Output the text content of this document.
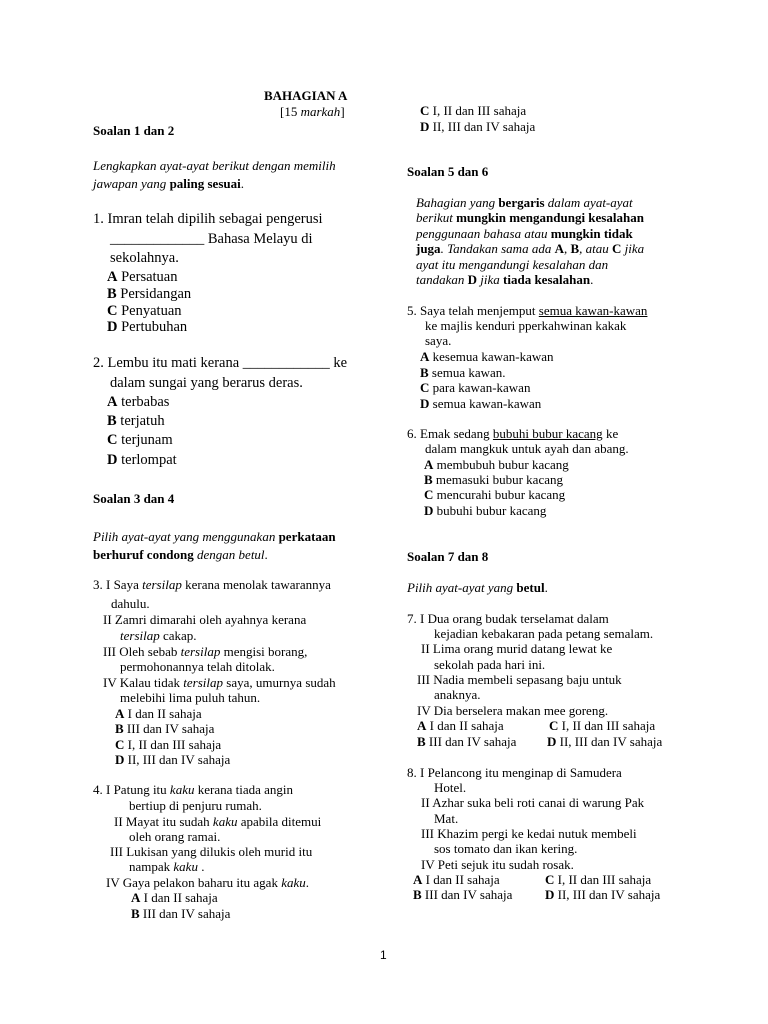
BAHAGIAN A
[15 markah]
Soalan 1 dan 2
Lengkapkan ayat-ayat berikut dengan memilih
jawapan yang paling sesuai.
1. Imran telah dipilih sebagai pengerusi
_____________ Bahasa Melayu di
sekolahnya.
A Persatuan
B Persidangan
C Penyatuan
D Pertubuhan
2. Lembu itu mati kerana ____________ ke
dalam sungai yang berarus deras.
A terbabas
B terjatuh
C terjunam
D terlompat
Soalan 3 dan 4
Pilih ayat-ayat yang menggunakan perkataan
berhuruf condong dengan betul.
3. I Saya tersilap kerana menolak tawarannya
dahulu.
II Zamri dimarahi oleh ayahnya kerana
tersilap cakap.
III Oleh sebab tersilap mengisi borang,
permohonannya telah ditolak.
IV Kalau tidak tersilap saya, umurnya sudah
melebihi lima puluh tahun.
A I dan II sahaja
B III dan IV sahaja
C I, II dan III sahaja
D II, III dan IV sahaja
4. I Patung itu kaku kerana tiada angin
bertiup di penjuru rumah.
II Mayat itu sudah kaku apabila ditemui
oleh orang ramai.
III Lukisan yang dilukis oleh murid itu
nampak kaku .
IV Gaya pelakon baharu itu agak kaku.
A I dan II sahaja
B III dan IV sahaja
C I, II dan III sahaja
D II, III dan IV sahaja
Soalan 5 dan 6
Bahagian yang bergaris dalam ayat-ayat
berikut mungkin mengandungi kesalahan
penggunaan bahasa atau mungkin tidak
juga. Tandakan sama ada A, B, atau C jika
ayat itu mengandungi kesalahan dan
tandakan D jika tiada kesalahan.
5. Saya telah menjemput semua kawan-kawan
ke majlis kenduri pperkahwinan kakak
saya.
A kesemua kawan-kawan
B semua kawan.
C para kawan-kawan
D semua kawan-kawan
6. Emak sedang bubuhi bubur kacang ke
dalam mangkuk untuk ayah dan abang.
A membubuh bubur kacang
B memasuki bubur kacang
C mencurahi bubur kacang
D bubuhi bubur kacang
Soalan 7 dan 8
Pilih ayat-ayat yang betul.
7. I Dua orang budak terselamat dalam
kejadian kebakaran pada petang semalam.
II Lima orang murid datang lewat ke
sekolah pada hari ini.
III Nadia membeli sepasang baju untuk
anaknya.
IV Dia berselera makan mee goreng.
A I dan II sahaja	C I, II dan III sahaja
B III dan IV sahaja D II, III dan IV sahaja
8. I Pelancong itu menginap di Samudera
Hotel.
II Azhar suka beli roti canai di warung Pak
Mat.
III Khazim pergi ke kedai nutuk membeli
sos tomato dan ikan kering.
IV Peti sejuk itu sudah rosak.
A I dan II sahaja	C I, II dan III sahaja
B III dan IV sahaja	D II, III dan IV sahaja
1
